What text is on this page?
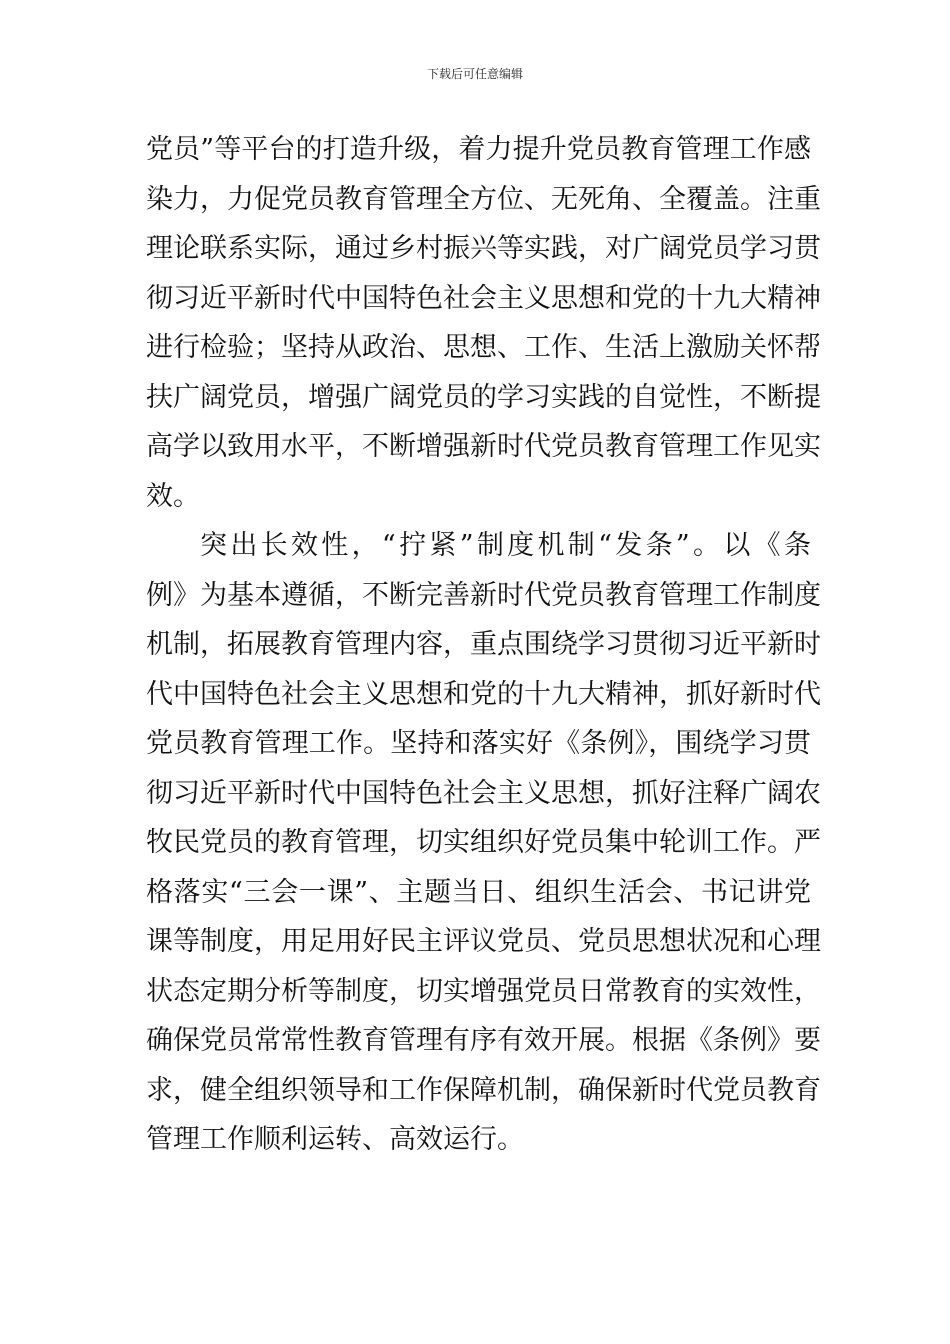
下载后可任意编辑
党员”等平台的打造升级，着力提升党员教育管理工作感
染力，力促党员教育管理全方位、无死角、全覆盖。注重
理论联系实际，通过乡村振兴等实践，对广阔党员学习贯
彻习近平新时代中国特色社会主义思想和党的十九大精神
进行检验；坚持从政治、思想、工作、生活上激励关怀帮
扶广阔党员，增强广阔党员的学习实践的自觉性，不断提
高学以致用水平，不断增强新时代党员教育管理工作见实
效。
突出长效性，“拧紧”制度机制“发条”。以《条
例》为基本遵循，不断完善新时代党员教育管理工作制度
机制，拓展教育管理内容，重点围绕学习贯彻习近平新时
代中国特色社会主义思想和党的十九大精神，抓好新时代
党员教育管理工作。坚持和落实好《条例》，围绕学习贯
彻习近平新时代中国特色社会主义思想，抓好注释广阔农
牧民党员的教育管理，切实组织好党员集中轮训工作。严
格落实“三会一课”、主题当日、组织生活会、书记讲党
课等制度，用足用好民主评议党员、党员思想状况和心理
状态定期分析等制度，切实增强党员日常教育的实效性，
确保党员常常性教育管理有序有效开展。根据《条例》要
求，健全组织领导和工作保障机制，确保新时代党员教育
管理工作顺利运转、高效运行。
